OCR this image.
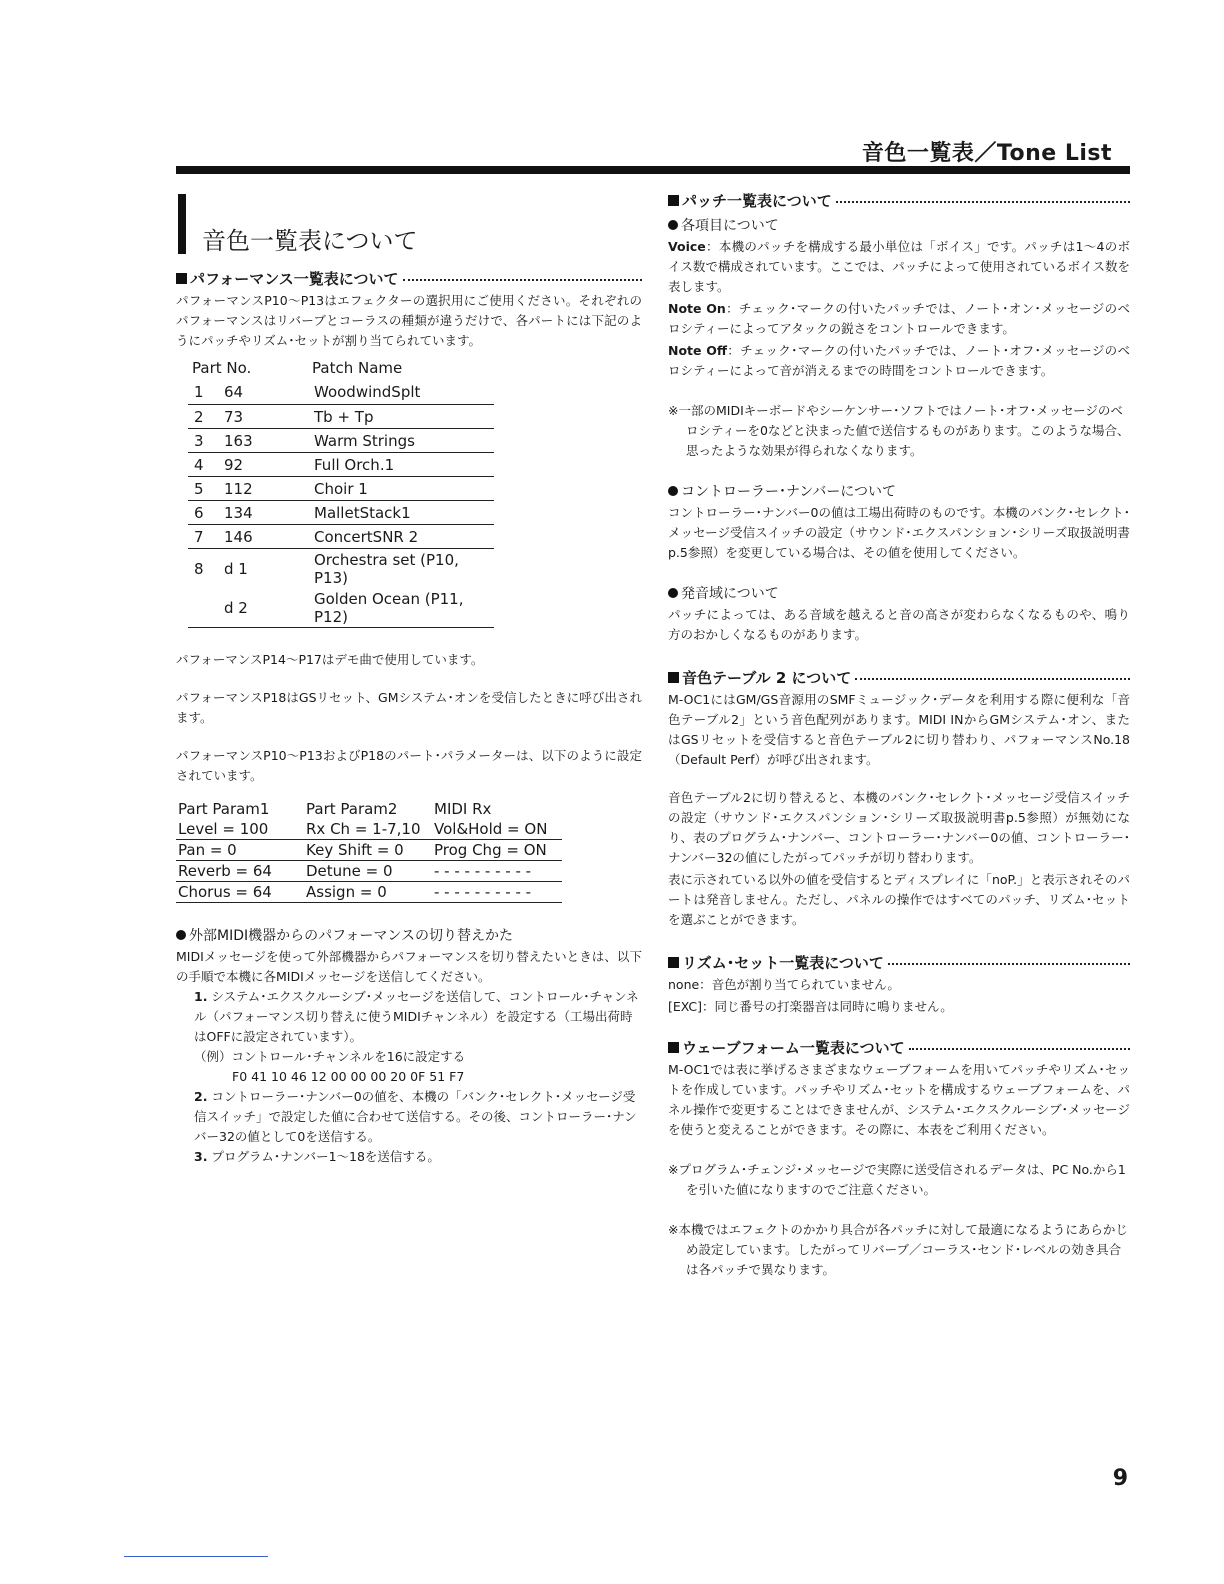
音色一覧表／Tone List
音色一覧表について
パフォーマンス一覧表について

パフォーマンスP10～P13はエフェクターの選択用にご使用ください。それぞれのパフォーマンスはリバーブとコーラスの種類が違うだけで、各パートには下記のようにパッチやリズム･セットが割り当てられています。

Part No.		Patch Name
1	64	WoodwindSplt
2	73	Tb + Tp
3	163	Warm Strings
4	92	Full Orch.1
5	112	Choir 1
6	134	MalletStack1
7	146	ConcertSNR 2
8	d 1	Orchestra set (P10, P13)
	d 2	Golden Ocean (P11, P12)

パフォーマンスP14～P17はデモ曲で使用しています。

パフォーマンスP18はGSリセット、GMシステム･オンを受信したときに呼び出されます。

パフォーマンスP10～P13およびP18のパート･パラメーターは、以下のように設定されています。

Part Param1	Part Param2	MIDI Rx
Level = 100	Rx Ch = 1-7,10	Vol&Hold = ON
Pan = 0	Key Shift = 0	Prog Chg = ON
Reverb = 64	Detune = 0	- - - - - - - - - -
Chorus = 64	Assign = 0	- - - - - - - - - -
外部MIDI機器からのパフォーマンスの切り替えかた

MIDIメッセージを使って外部機器からパフォーマンスを切り替えたいときは、以下の手順で本機に各MIDIメッセージを送信してください。

1. システム･エクスクルーシブ･メッセージを送信して、コントロール･チャンネル（パフォーマンス切り替えに使うMIDIチャンネル）を設定する（工場出荷時はOFFに設定されています）。
（例）コントロール･チャンネルを16に設定する
F0 41 10 46 12 00 00 00 20 0F 51 F7
2. コントローラー･ナンバー0の値を、本機の「バンク･セレクト･メッセージ受信スイッチ」で設定した値に合わせて送信する。その後、コントローラー･ナンバー32の値として0を送信する。
3. プログラム･ナンバー1～18を送信する。
パッチ一覧表について
各項目について

Voice：本機のパッチを構成する最小単位は「ボイス」です。パッチは1～4のボイス数で構成されています。ここでは、パッチによって使用されているボイス数を表します。

Note On：チェック･マークの付いたパッチでは、ノート･オン･メッセージのベロシティーによってアタックの鋭さをコントロールできます。

Note Off：チェック･マークの付いたパッチでは、ノート･オフ･メッセージのベロシティーによって音が消えるまでの時間をコントロールできます。

※一部のMIDIキーボードやシーケンサー･ソフトではノート･オフ･メッセージのベロシティーを0などと決まった値で送信するものがあります。このような場合、思ったような効果が得られなくなります。

コントローラー･ナンバーについて

コントローラー･ナンバー0の値は工場出荷時のものです。本機のバンク･セレクト･メッセージ受信スイッチの設定（サウンド･エクスパンション･シリーズ取扱説明書p.5参照）を変更している場合は、その値を使用してください。

発音域について

パッチによっては、ある音域を越えると音の高さが変わらなくなるものや、鳴り方のおかしくなるものがあります。

音色テーブル 2 について

M-OC1にはGM/GS音源用のSMFミュージック･データを利用する際に便利な「音色テーブル2」という音色配列があります。MIDI INからGMシステム･オン、またはGSリセットを受信すると音色テーブル2に切り替わり、パフォーマンスNo.18（Default Perf）が呼び出されます。

音色テーブル2に切り替えると、本機のバンク･セレクト･メッセージ受信スイッチの設定（サウンド･エクスパンション･シリーズ取扱説明書p.5参照）が無効になり、表のプログラム･ナンバー、コントローラー･ナンバー0の値、コントローラー･ナンバー32の値にしたがってパッチが切り替わります。

表に示されている以外の値を受信するとディスプレイに「noP.」と表示されそのパートは発音しません。ただし、パネルの操作ではすべてのパッチ、リズム･セットを選ぶことができます。

リズム･セット一覧表について

none：音色が割り当てられていません。

[EXC]：同じ番号の打楽器音は同時に鳴りません。

ウェーブフォーム一覧表について

M-OC1では表に挙げるさまざまなウェーブフォームを用いてパッチやリズム･セットを作成しています。パッチやリズム･セットを構成するウェーブフォームを、パネル操作で変更することはできませんが、システム･エクスクルーシブ･メッセージを使うと変えることができます。その際に、本表をご利用ください。

※プログラム･チェンジ･メッセージで実際に送受信されるデータは、PC No.から1を引いた値になりますのでご注意ください。

※本機ではエフェクトのかかり具合が各パッチに対して最適になるようにあらかじめ設定しています。したがってリバーブ／コーラス･センド･レベルの効き具合は各パッチで異なります。

9
